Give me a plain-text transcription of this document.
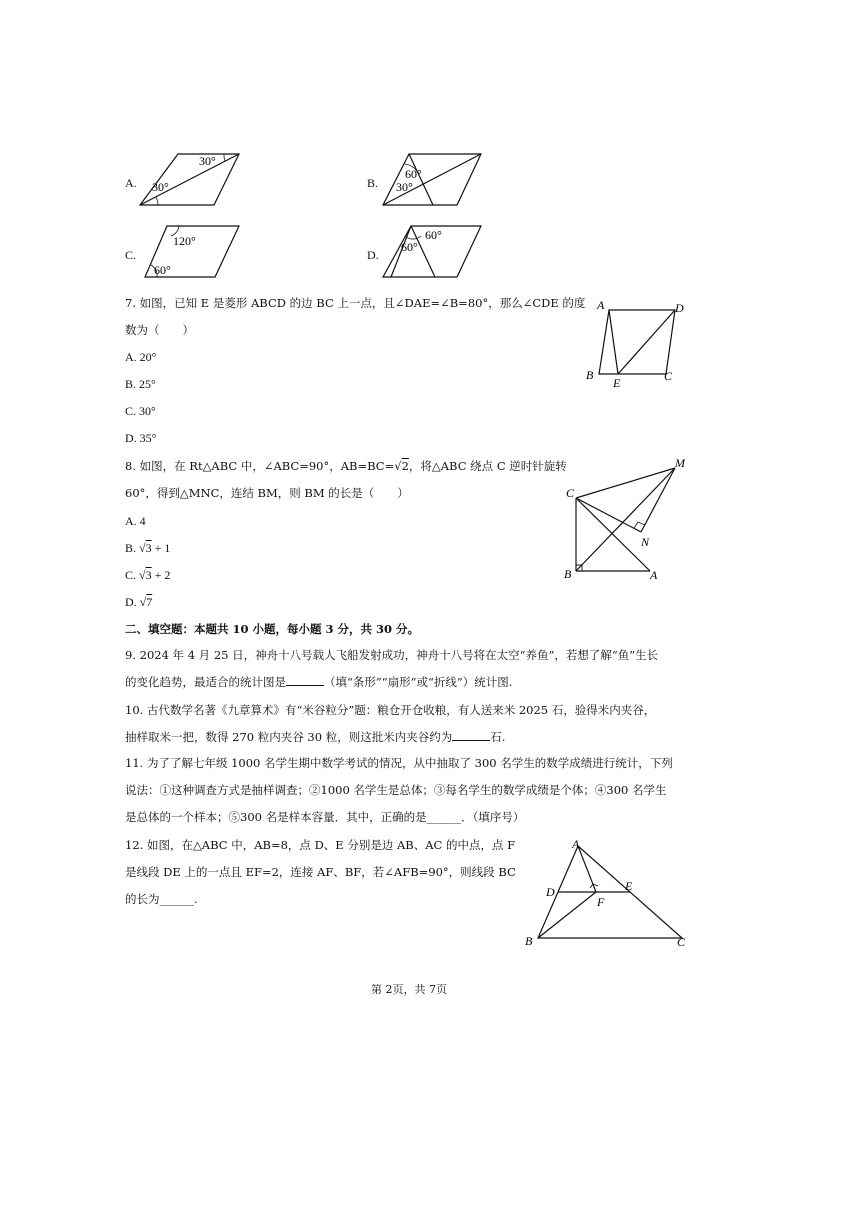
A.
30°
30°	B.
60°
30°
C.
120°
60°
D.
60°
60°
7. 如图，已知 E 是菱形 ABCD 的边 BC 上一点，且∠DAE=∠B=80°，那么∠CDE 的度
数为（　　）
A. 20°
B. 25°
C. 30°
D. 35°
A	D
B
E	C
8. 如图，在 Rt△ABC 中，∠ABC=90°，AB=BC=√2，将△ABC 绕点 C 逆时针旋转
60°，得到△MNC，连结 BM，则 BM 的长是（　　）
A. 4
B. √3 + 1
C. √3 + 2
D. √7
M
C
N
B	A
二、填空题：本题共 10 小题，每小题 3 分，共 30 分。
9. 2024 年 4 月 25 日，神舟十八号载人飞船发射成功，神舟十八号将在太空“养鱼”，若想了解“鱼”生长
的变化趋势，最适合的统计图是	（填“条形”“扇形”或“折线”）统计图.
10. 古代数学名著《九章算术》有“米谷粒分”题：粮仓开仓收粮，有人送来米 2025 石，验得米内夹谷，
抽样取米一把，数得 270 粒内夹谷 30 粒，则这批米内夹谷约为	石.
11. 为了了解七年级 1000 名学生期中数学考试的情况，从中抽取了 300 名学生的数学成绩进行统计，下列
说法：①这种调查方式是抽样调查；②1000 名学生是总体；③每名学生的数学成绩是个体；④300 名学生
是总体的一个样本；⑤300 名是样本容量．其中，正确的是______．（填序号）
12. 如图，在△ABC 中，AB=8，点 D、E 分别是边 AB、AC 的中点，点 F
是线段 DE 上的一点且 EF=2，连接 AF、BF，若∠AFB=90°，则线段 BC
的长为______.
A
D	E
F
B	C
第 2页，共 7页
